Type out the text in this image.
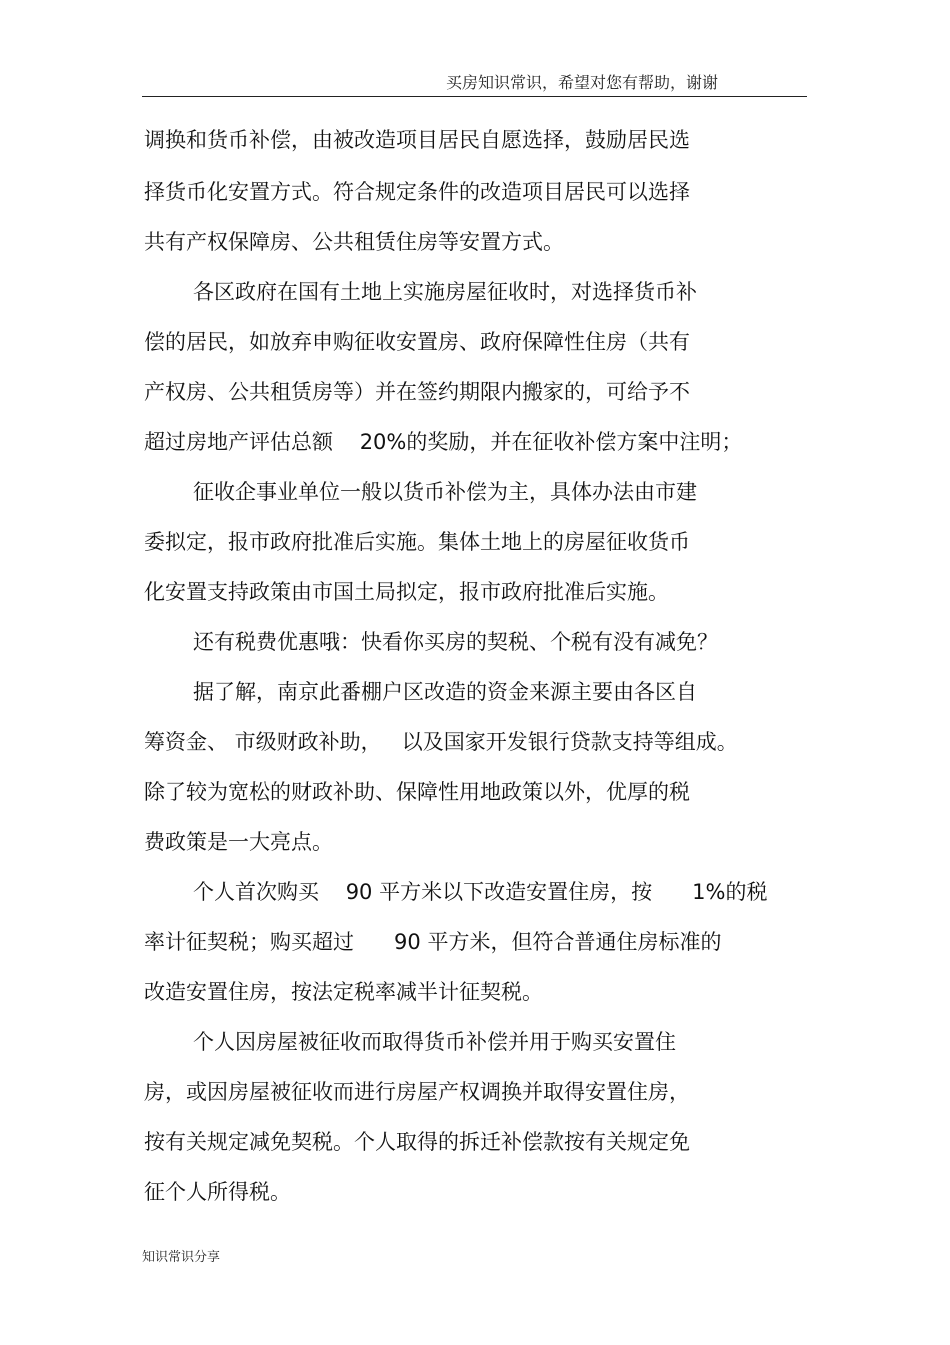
买房知识常识，希望对您有帮助，谢谢
调换和货币补偿，由被改造项目居民自愿选择，鼓励居民选
择货币化安置方式。符合规定条件的改造项目居民可以选择
共有产权保障房、公共租赁住房等安置方式。
各区政府在国有土地上实施房屋征收时，对选择货币补
偿的居民，如放弃申购征收安置房、政府保障性住房（共有
产权房、公共租赁房等）并在签约期限内搬家的，可给予不
超过房地产评估总额    20%的奖励，并在征收补偿方案中注明；
征收企事业单位一般以货币补偿为主，具体办法由市建
委拟定，报市政府批准后实施。集体土地上的房屋征收货币
化安置支持政策由市国土局拟定，报市政府批准后实施。
还有税费优惠哦：快看你买房的契税、个税有没有减免？
据了解，南京此番棚户区改造的资金来源主要由各区自
筹资金、 市级财政补助，   以及国家开发银行贷款支持等组成。
除了较为宽松的财政补助、保障性用地政策以外，优厚的税
费政策是一大亮点。
个人首次购买    90 平方米以下改造安置住房，按      1%的税
率计征契税；购买超过      90 平方米，但符合普通住房标准的
改造安置住房，按法定税率减半计征契税。
个人因房屋被征收而取得货币补偿并用于购买安置住
房，或因房屋被征收而进行房屋产权调换并取得安置住房，
按有关规定减免契税。个人取得的拆迁补偿款按有关规定免
征个人所得税。
知识常识分享
